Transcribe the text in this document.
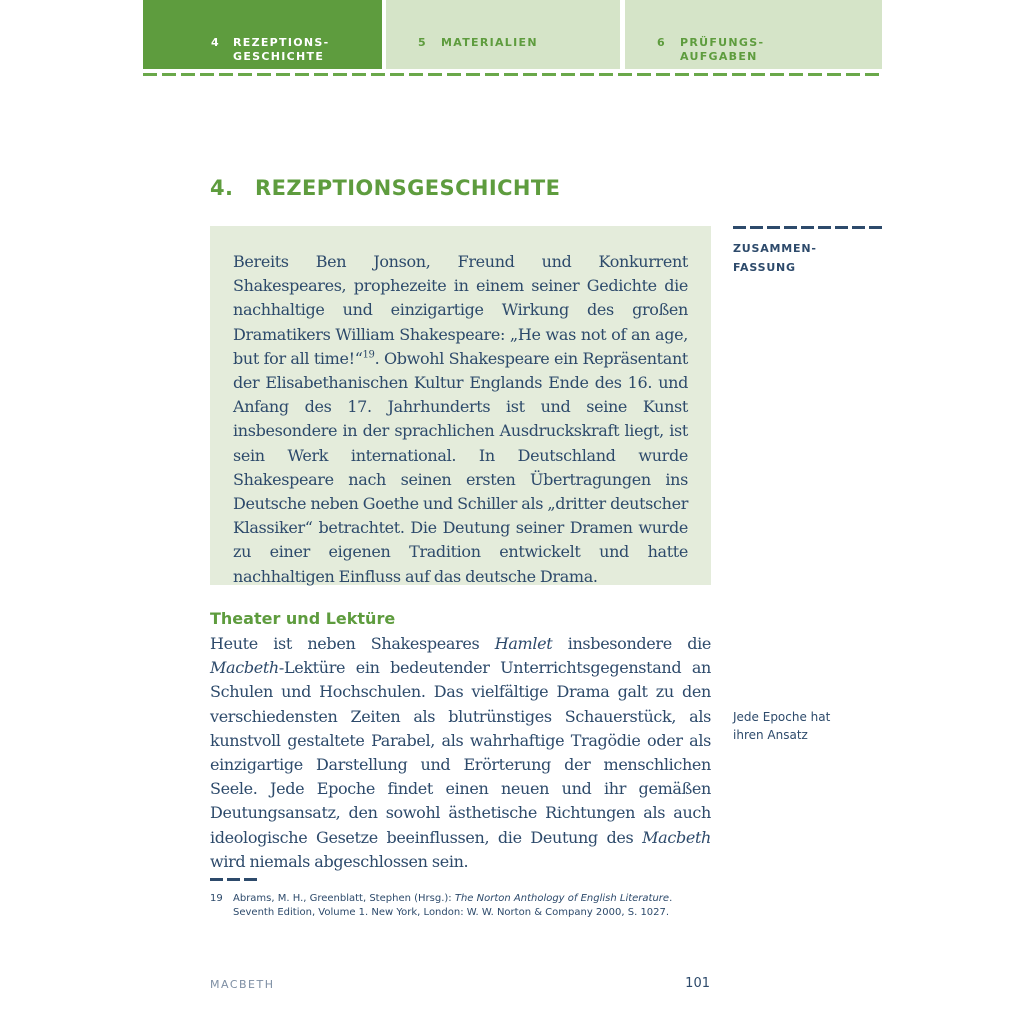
4 REZEPTIONS-
GESCHICHTE
5 MATERIALIEN	6 PRÜFUNGS-
AUFGABEN
4. REZEPTIONSGESCHICHTE

Bereits Ben Jonson, Freund und Konkurrent Shakespeares, prophezeite in einem seiner Gedichte die nachhaltige und einzigartige Wirkung des großen Dramatikers William Shakespeare: „He was not of an age, but for all time!“$^{19}$. Obwohl Shakespeare ein Repräsentant der Elisabethanischen Kultur Englands Ende des 16. und Anfang des 17. Jahrhunderts ist und seine Kunst insbesondere in der sprachlichen Ausdruckskraft liegt, ist sein Werk international. In Deutschland wurde Shakespeare nach seinen ersten Übertragungen ins Deutsche neben Goethe und Schiller als „dritter deutscher Klassiker“ betrachtet. Die Deutung seiner Dramen wurde zu einer eigenen Tradition entwickelt und hatte nachhaltigen Einfluss auf das deutsche Drama.

ZUSAMMEN-
FASSUNG
Jede Epoche hat
ihren Ansatz
Theater und Lektüre

Heute ist neben Shakespeares Hamlet insbesondere die Macbeth-Lektüre ein bedeutender Unterrichtsgegenstand an Schulen und Hochschulen. Das vielfältige Drama galt zu den verschiedensten Zeiten als blutrünstiges Schauerstück, als kunstvoll gestaltete Parabel, als wahrhaftige Tragödie oder als einzigartige Darstellung und Erörterung der menschlichen Seele. Jede Epoche findet einen neuen und ihr gemäßen Deutungsansatz, den sowohl ästhetische Richtungen als auch ideologische Gesetze beeinflussen, die Deutung des Macbeth wird niemals abgeschlossen sein.

19 Abrams, M. H., Greenblatt, Stephen (Hrsg.): The Norton Anthology of English Literature. Seventh Edition, Volume 1. New York, London: W. W. Norton & Company 2000, S. 1027.
MACBETH	101
